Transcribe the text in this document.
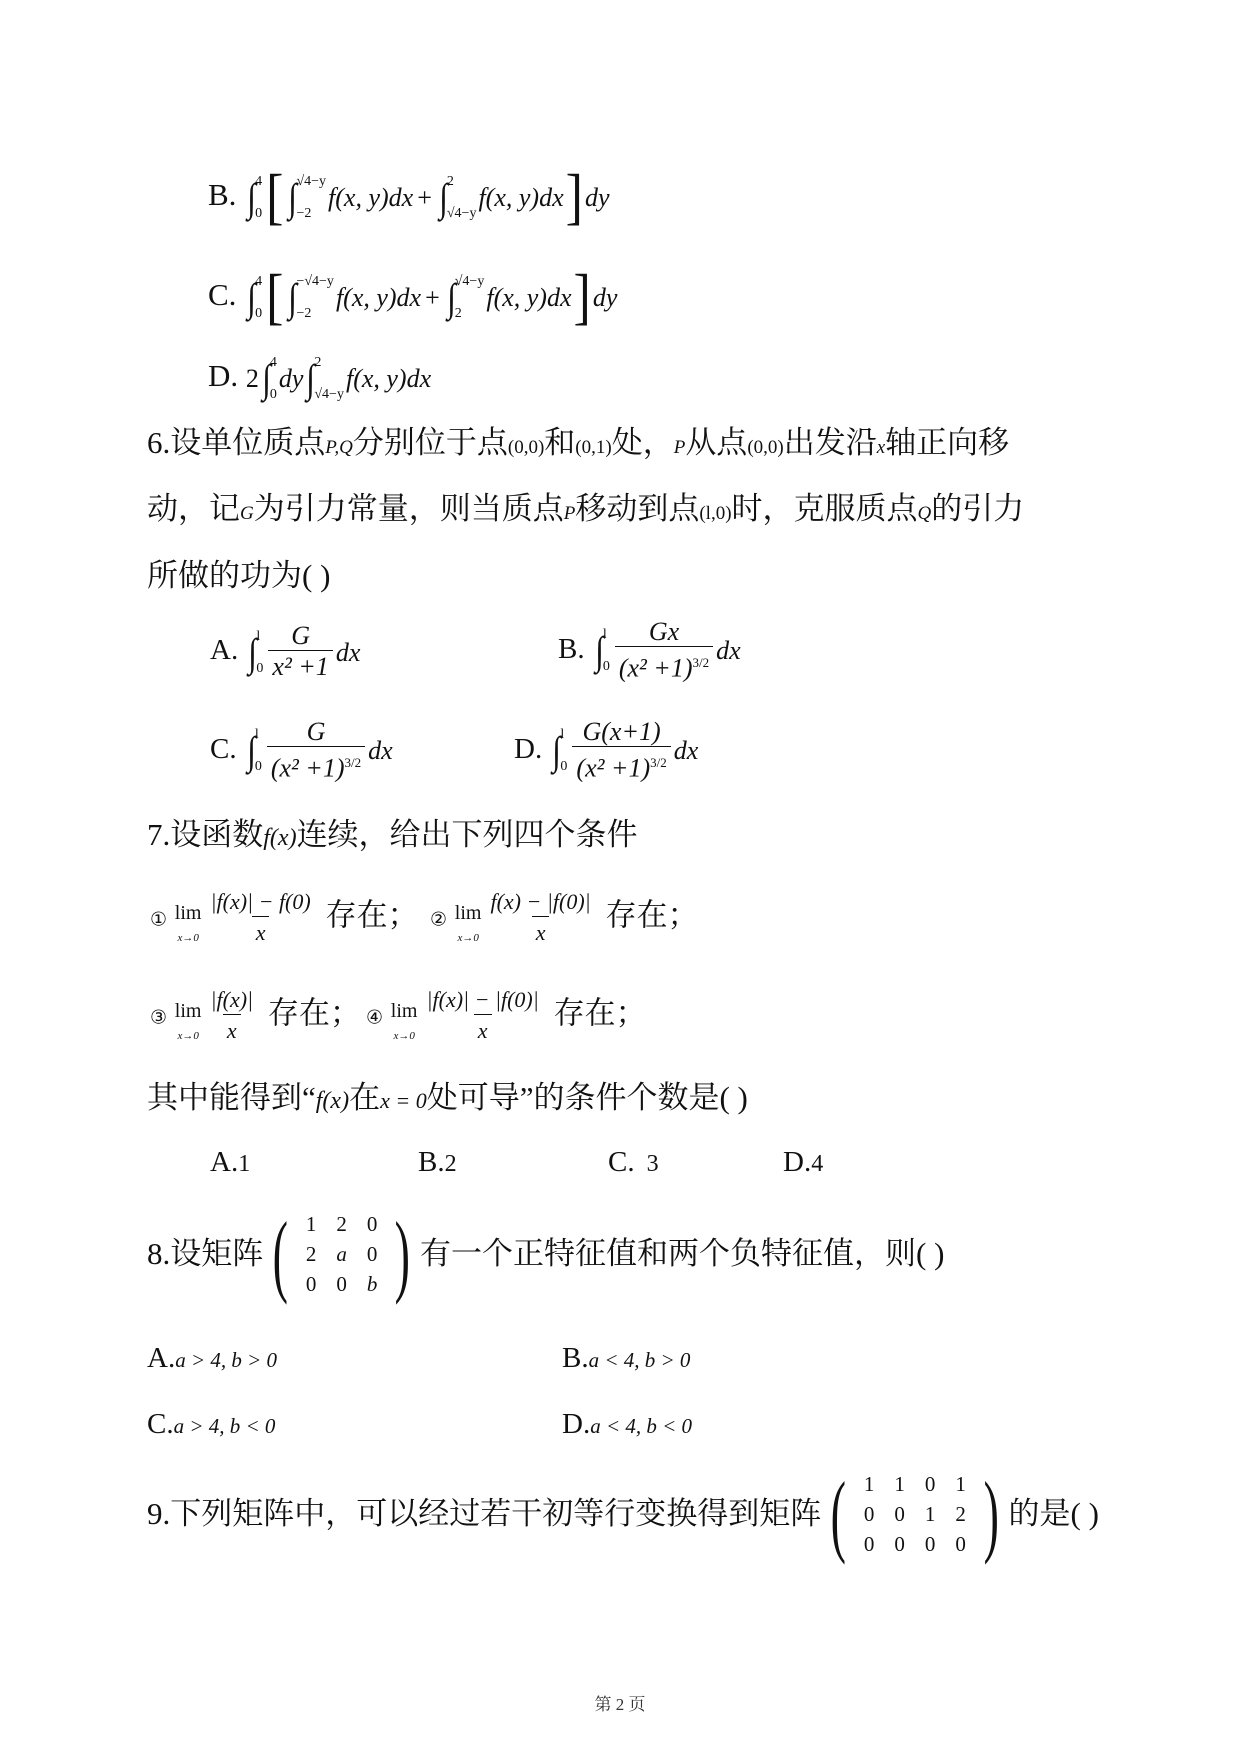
B. ∫ 4
0 [ ∫ √4−y
−2
f(x, y)dx + ∫ 2
√4−y
f(x, y)dx ] dy
C. ∫ 4
0 [ ∫ −√4−y
−2
f(x, y)dx + ∫ √4−y
2
f(x, y)dx ] dy
D. 2 ∫ 4
0
dy ∫ 2
√4−y
f(x, y)dx
6.设单位质点P,Q分别位于点(0,0)和(0,1)处，P从点(0,0)出发沿x轴正向移
动，记G为引力常量，则当质点P移动到点(l,0)时，克服质点Q的引力
所做的功为( )
A. ∫ l
$0 \frac{G}{\text{x² +1}}$ dx	B. ∫ l
$0 \frac{Gx}{(x^2 +1)^{3/2}}$ dx
C. ∫ l
$0 \frac{G}{(x^2 +1)^{3/2}}$ dx	D. ∫ l
$0 \frac{G(x+1)}{(x^2 +1)^{3/2}}$ dx
7.设函数f(x)连续，给出下列四个条件
① lim
$x\to 0 \frac{|f(x)| - f(0)}{x}$ 存在； ② lim
$x\to 0 \frac{f(x) - |f(0)|}{x}$ 存在；
③ lim
$x\to 0 \frac{|f(x)|}{x}$ 存在； ④ lim
$x\to 0 \frac{|f(x)| - |f(0)|}{x}$ 存在；
其中能得到“f(x)在x = 0处可导”的条件个数是( )
A.1	B.2	C. 3	D.4
8.设矩阵 ( 1	2	0
2	a	0
0	0	b ) 有一个正特征值和两个负特征值，则( )
A.a > 4, b > 0	B.a < 4, b > 0
C.a > 4, b < 0	D.a < 4, b < 0
9.下列矩阵中，可以经过若干初等行变换得到矩阵 ( 1	1	0	1
0	0	1	2
0	0	0	0 ) 的是( )
第 2 页
